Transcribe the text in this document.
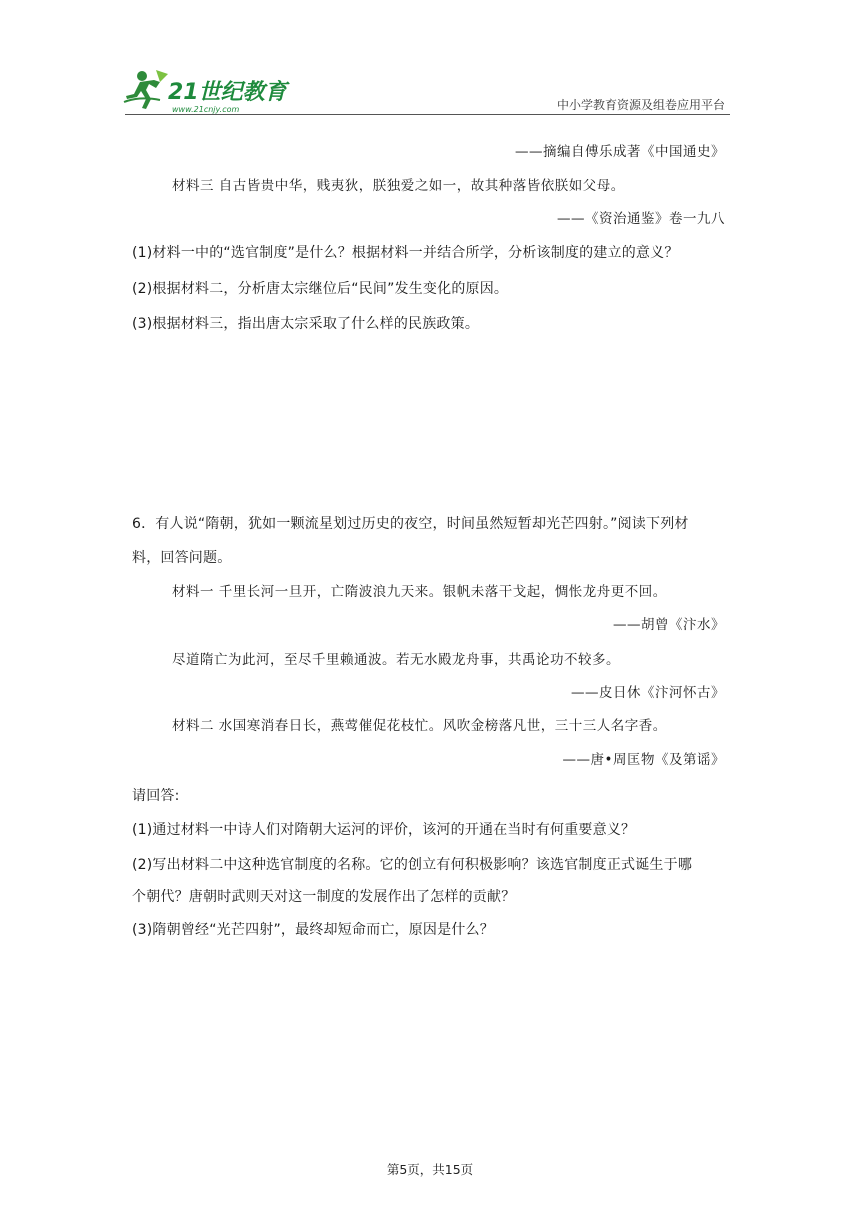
21世纪教育
www.21cnjy.com	中小学教育资源及组卷应用平台
——摘编自傅乐成著《中国通史》
材料三 自古皆贵中华，贱夷狄，朕独爱之如一，故其种落皆依朕如父母。
——《资治通鉴》卷一九八
(1)材料一中的“选官制度”是什么？根据材料一并结合所学，分析该制度的建立的意义？
(2)根据材料二，分析唐太宗继位后“民间”发生变化的原因。
(3)根据材料三，指出唐太宗采取了什么样的民族政策。
6．有人说“隋朝，犹如一颗流星划过历史的夜空，时间虽然短暂却光芒四射。”阅读下列材
料，回答问题。
材料一 千里长河一旦开，亡隋波浪九天来。银帆未落干戈起，惆怅龙舟更不回。
——胡曾《汴水》
尽道隋亡为此河，至尽千里赖通波。若无水殿龙舟事，共禹论功不较多。
——皮日休《汴河怀古》
材料二 水国寒消春日长，燕莺催促花枝忙。风吹金榜落凡世，三十三人名字香。
——唐•周匡物《及第谣》
请回答:
(1)通过材料一中诗人们对隋朝大运河的评价，该河的开通在当时有何重要意义？
(2)写出材料二中这种选官制度的名称。它的创立有何积极影响？该选官制度正式诞生于哪
个朝代？唐朝时武则天对这一制度的发展作出了怎样的贡献？
(3)隋朝曾经“光芒四射”，最终却短命而亡，原因是什么？
第5页，共15页
